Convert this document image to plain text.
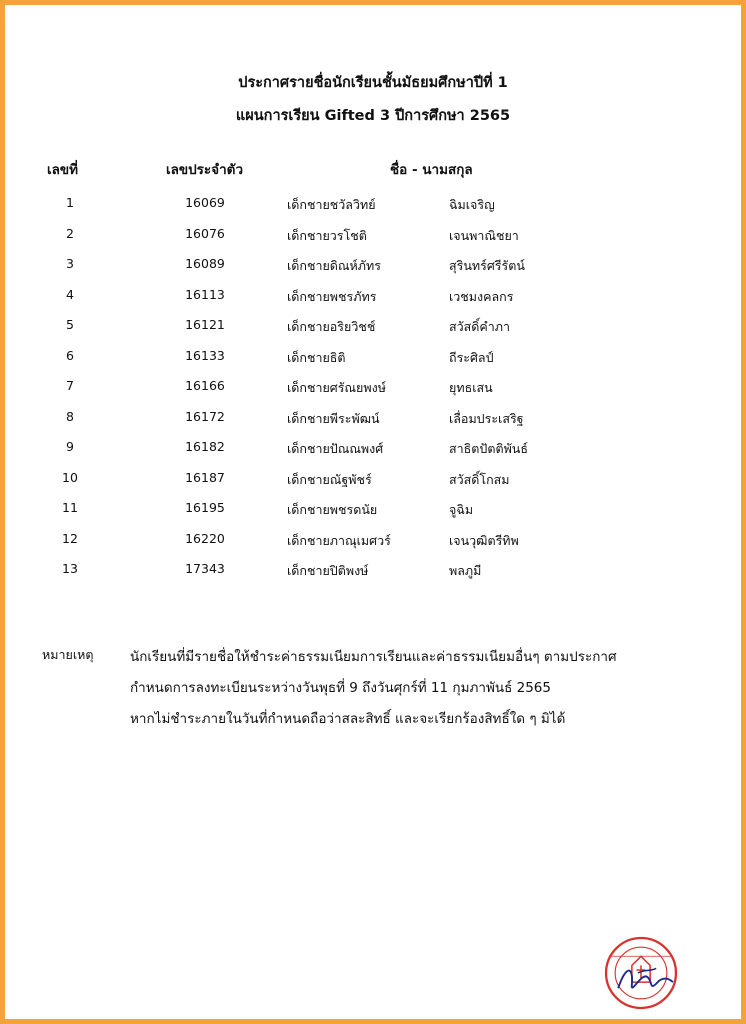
ประกาศรายชื่อนักเรียนชั้นมัธยมศึกษาปีที่ 1
แผนการเรียน Gifted 3 ปีการศึกษา 2565
เลขที่	เลขประจำตัว	ชื่อ - นามสกุล
1	16069	เด็กชายชวัลวิทย์	ฉิมเจริญ
2	16076	เด็กชายวรโชติ	เจนพาณิชยา
3	16089	เด็กชายดิณห์ภัทร	สุรินทร์ศรีรัตน์
4	16113	เด็กชายพชรภัทร	เวชมงคลกร
5	16121	เด็กชายอริยวิชช์	สวัสดิ์คำภา
6	16133	เด็กชายธิติ	ถีระศิลป์
7	16166	เด็กชายศรัณยพงษ์	ยุทธเสน
8	16172	เด็กชายพีระพัฒน์	เลื่อมประเสริฐ
9	16182	เด็กชายปัณณพงศ์	สาธิตปัตติพันธ์
10	16187	เด็กชายณัฐพัชร์	สวัสดิ์โกสม
11	16195	เด็กชายพชรดนัย	จูฉิม
12	16220	เด็กชายภาณุเมศวร์	เจนวุฒิตรีทิพ
13	17343	เด็กชายปิติพงษ์	พลภูมี
หมายเหตุ	นักเรียนที่มีรายชื่อให้ชำระค่าธรรมเนียมการเรียนและค่าธรรมเนียมอื่นๆ ตามประกาศ
กำหนดการลงทะเบียนระหว่างวันพุธที่ 9 ถึงวันศุกร์ที่ 11 กุมภาพันธ์ 2565
หากไม่ชำระภายในวันที่กำหนดถือว่าสละสิทธิ์ และจะเรียกร้องสิทธิ์ใด ๆ มิได้
